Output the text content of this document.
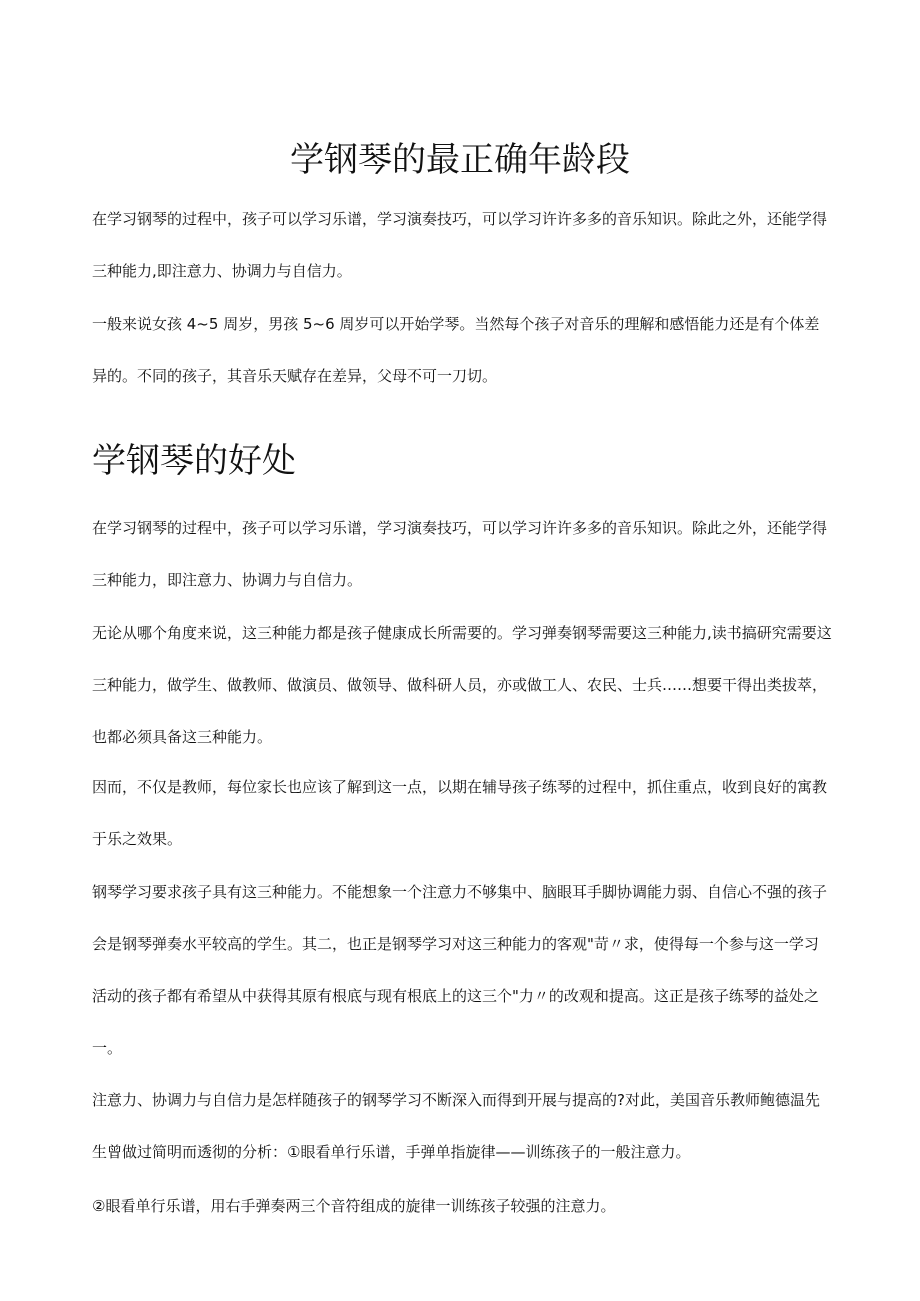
学钢琴的最正确年龄段

在学习钢琴的过程中，孩子可以学习乐谱，学习演奏技巧，可以学习许许多多的音乐知识。除此之外，还能学得三种能力,即注意力、协调力与自信力。

一般来说女孩 4~5 周岁，男孩 5~6 周岁可以开始学琴。当然每个孩子对音乐的理解和感悟能力还是有个体差异的。不同的孩子，其音乐天赋存在差异，父母不可一刀切。

学钢琴的好处

在学习钢琴的过程中，孩子可以学习乐谱，学习演奏技巧，可以学习许许多多的音乐知识。除此之外，还能学得三种能力，即注意力、协调力与自信力。

无论从哪个角度来说，这三种能力都是孩子健康成长所需要的。学习弹奏钢琴需要这三种能力,读书搞研究需要这三种能力，做学生、做教师、做演员、做领导、做科研人员，亦或做工人、农民、士兵……想要干得出类拔萃，也都必须具备这三种能力。

因而，不仅是教师，每位家长也应该了解到这一点，以期在辅导孩子练琴的过程中，抓住重点，收到良好的寓教于乐之效果。

钢琴学习要求孩子具有这三种能力。不能想象一个注意力不够集中、脑眼耳手脚协调能力弱、自信心不强的孩子会是钢琴弹奏水平较高的学生。其二，也正是钢琴学习对这三种能力的客观"苛〃求，使得每一个参与这一学习活动的孩子都有希望从中获得其原有根底与现有根底上的这三个"力〃的改观和提高。这正是孩子练琴的益处之一。

注意力、协调力与自信力是怎样随孩子的钢琴学习不断深入而得到开展与提高的?对此，美国音乐教师鲍德温先生曾做过简明而透彻的分析：①眼看单行乐谱，手弹单指旋律——训练孩子的一般注意力。

②眼看单行乐谱，用右手弹奏两三个音符组成的旋律一训练孩子较强的注意力。
